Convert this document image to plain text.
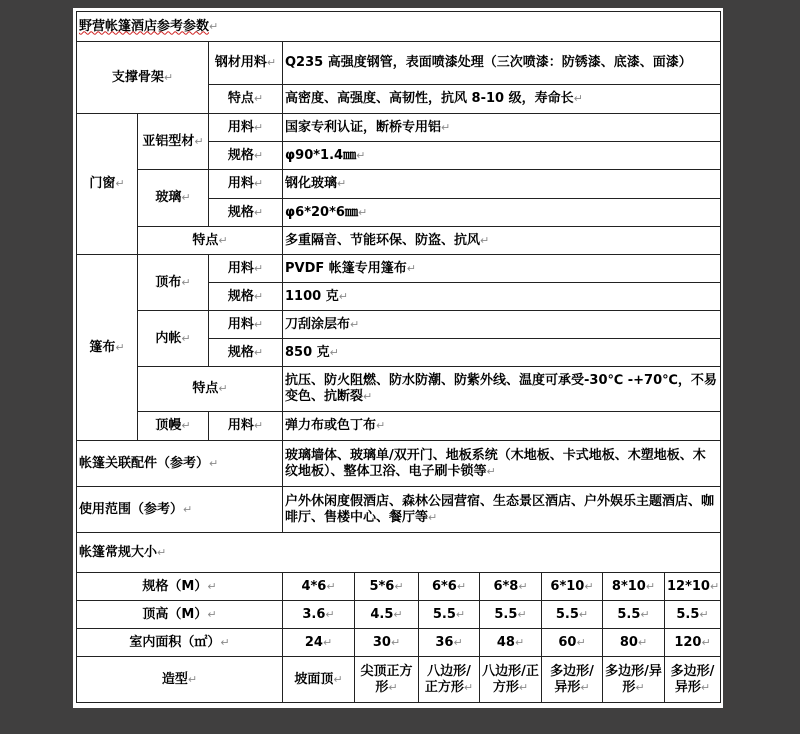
野营帐篷酒店参考参数↵									
支撑骨架↵		钢材用料↵	Q235 高强度钢管，表面喷漆处理（三次喷漆：防锈漆、底漆、面漆）						
		特点↵	高密度、高强度、高韧性，抗风 8-10 级，寿命长↵						
门窗↵	亚铝型材↵	用料↵	国家专利认证，断桥专用铝↵						
		规格↵	φ90*1.4㎜↵						
	玻璃↵	用料↵	钢化玻璃↵						
		规格↵	φ6*20*6㎜↵						
	特点↵		多重隔音、节能环保、防盗、抗风↵						
篷布↵	顶布↵	用料↵	PVDF 帐篷专用篷布↵						
		规格↵	1100 克↵						
	内帐↵	用料↵	刀刮涂层布↵						
		规格↵	850 克↵						
	特点↵		抗压、防火阻燃、防水防潮、防紫外线、温度可承受-30℃ -+70℃，不易变色、抗断裂↵						
	顶幔↵	用料↵	弹力布或色丁布↵						
帐篷关联配件（参考）↵			玻璃墙体、玻璃单/双开门、地板系统（木地板、卡式地板、木塑地板、木纹地板）、整体卫浴、电子刷卡锁等↵						
使用范围（参考）↵			户外休闲度假酒店、森林公园营宿、生态景区酒店、户外娱乐主题酒店、咖啡厅、售楼中心、餐厅等↵						
帐篷常规大小↵									
规格（M）↵			4*6↵	5*6↵	6*6↵	6*8↵	6*10↵	8*10↵	12*10↵
顶高（M）↵			3.6↵	4.5↵	5.5↵	5.5↵	5.5↵	5.5↵	5.5↵
室内面积（㎡）↵			24↵	30↵	36↵	48↵	60↵	80↵	120↵
造型↵			坡面顶↵	尖顶正方形↵	八边形/正方形↵	八边形/正方形↵	多边形/异形↵	多边形/异形↵	多边形/异形↵
